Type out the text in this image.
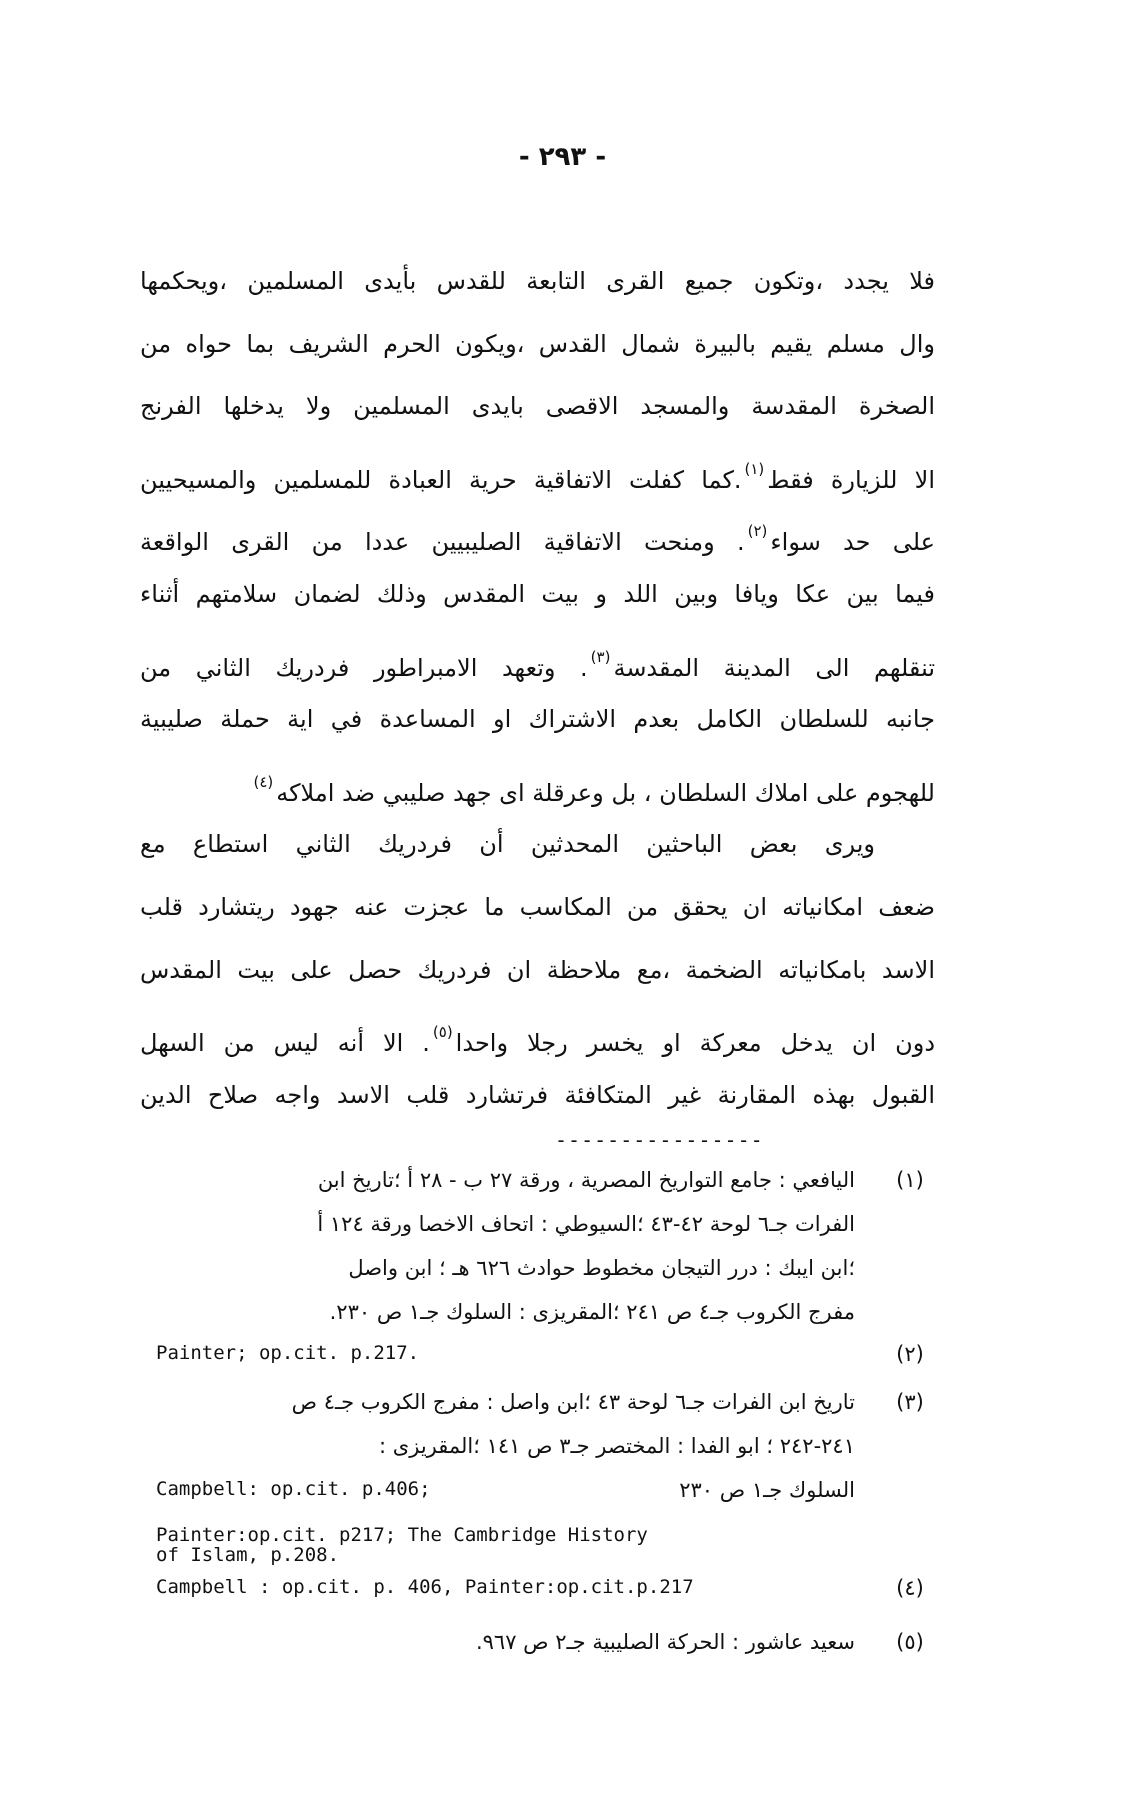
- ٢٩٣ -
فلا يجدد ،وتكون جميع القرى التابعة للقدس بأيدى المسلمين ،ويحكمها
وال مسلم يقيم بالبيرة شمال القدس ،ويكون الحرم الشريف بما حواه من
الصخرة المقدسة والمسجد الاقصى بايدى المسلمين ولا يدخلها الفرنج
الا للزيارة فقط$^{(١)}$.كما كفلت الاتفاقية حرية العبادة للمسلمين والمسيحيين
على حد سواء$^{(٢)}$. ومنحت الاتفاقية الصليبيين عددا من القرى الواقعة
فيما بين عكا ويافا وبين اللد و بيت المقدس وذلك لضمان سلامتهم أثناء
تنقلهم الى المدينة المقدسة$^{(٣)}$. وتعهد الامبراطور فردريك الثاني من
جانبه للسلطان الكامل بعدم الاشتراك او المساعدة في اية حملة صليبية
للهجوم على املاك السلطان ، بل وعرقلة اى جهد صليبي ضد املاكه$^{(٤)}$
ويرى بعض الباحثين المحدثين أن فردريك الثاني استطاع مع
ضعف امكانياته ان يحقق من المكاسب ما عجزت عنه جهود ريتشارد قلب
الاسد بامكانياته الضخمة ،مع ملاحظة ان فردريك حصل على بيت المقدس
دون ان يدخل معركة او يخسر رجلا واحدا$^{(٥)}$. الا أنه ليس من السهل
القبول بهذه المقارنة غير المتكافئة فرتشارد قلب الاسد واجه صلاح الدين
----------------
(١)
اليافعي : جامع التواريخ المصرية ، ورقة ٢٧ ب - ٢٨ أ ؛تاريخ ابن
الفرات جـ٦ لوحة ٤٢-٤٣ ؛السيوطي : اتحاف الاخصا ورقة ١٢٤ أ
؛ابن ايبك : درر التيجان مخطوط حوادث ٦٢٦ هـ ؛ ابن واصل
مفرج الكروب جـ٤ ص ٢٤١ ؛المقريزى : السلوك جـ١ ص ٢٣٠.
(٢)
Painter; op.cit. p.217.
(٣)
تاريخ ابن الفرات جـ٦ لوحة ٤٣ ؛ابن واصل : مفرج الكروب جـ٤ ص
٢٤١-٢٤٢ ؛ ابو الفدا : المختصر جـ٣ ص ١٤١ ؛المقريزى :
السلوك جـ١ ص ٢٣٠
Campbell: op.cit. p.406;
Painter:op.cit. p217; The Cambridge History
of Islam, p.208.
(٤)
Campbell : op.cit. p. 406, Painter:op.cit.p.217
(٥)
سعيد عاشور : الحركة الصليبية جـ٢ ص ٩٦٧.
